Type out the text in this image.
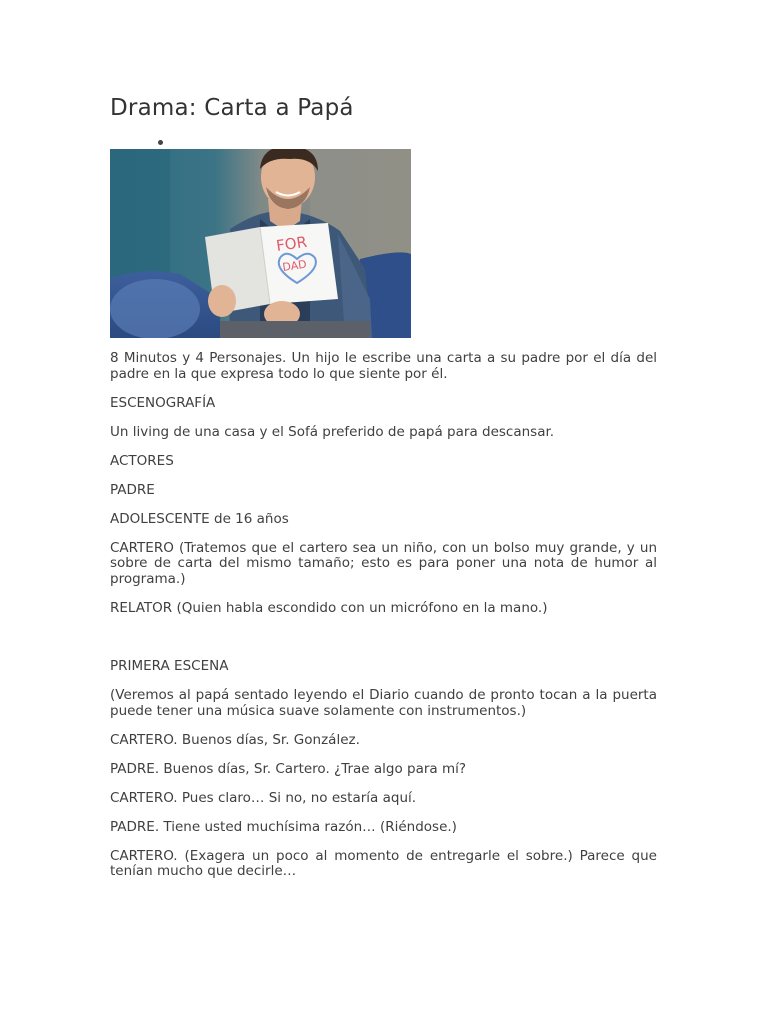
Drama: Carta a Papá
FOR
DAD

8 Minutos y 4 Personajes. Un hijo le escribe una carta a su padre por el día del padre en la que expresa todo lo que siente por él.

ESCENOGRAFÍA

Un living de una casa y el Sofá preferido de papá para descansar.

ACTORES

PADRE

ADOLESCENTE de 16 años

CARTERO (Tratemos que el cartero sea un niño, con un bolso muy grande, y un sobre de carta del mismo tamaño; esto es para poner una nota de humor al programa.)

RELATOR (Quien habla escondido con un micrófono en la mano.)

PRIMERA ESCENA

(Veremos al papá sentado leyendo el Diario cuando de pronto tocan a la puerta puede tener una música suave solamente con instrumentos.)

CARTERO. Buenos días, Sr. González.

PADRE. Buenos días, Sr. Cartero. ¿Trae algo para mí?

CARTERO. Pues claro… Si no, no estaría aquí.

PADRE. Tiene usted muchísima razón… (Riéndose.)

CARTERO. (Exagera un poco al momento de entregarle el sobre.) Parece que tenían mucho que decirle…
